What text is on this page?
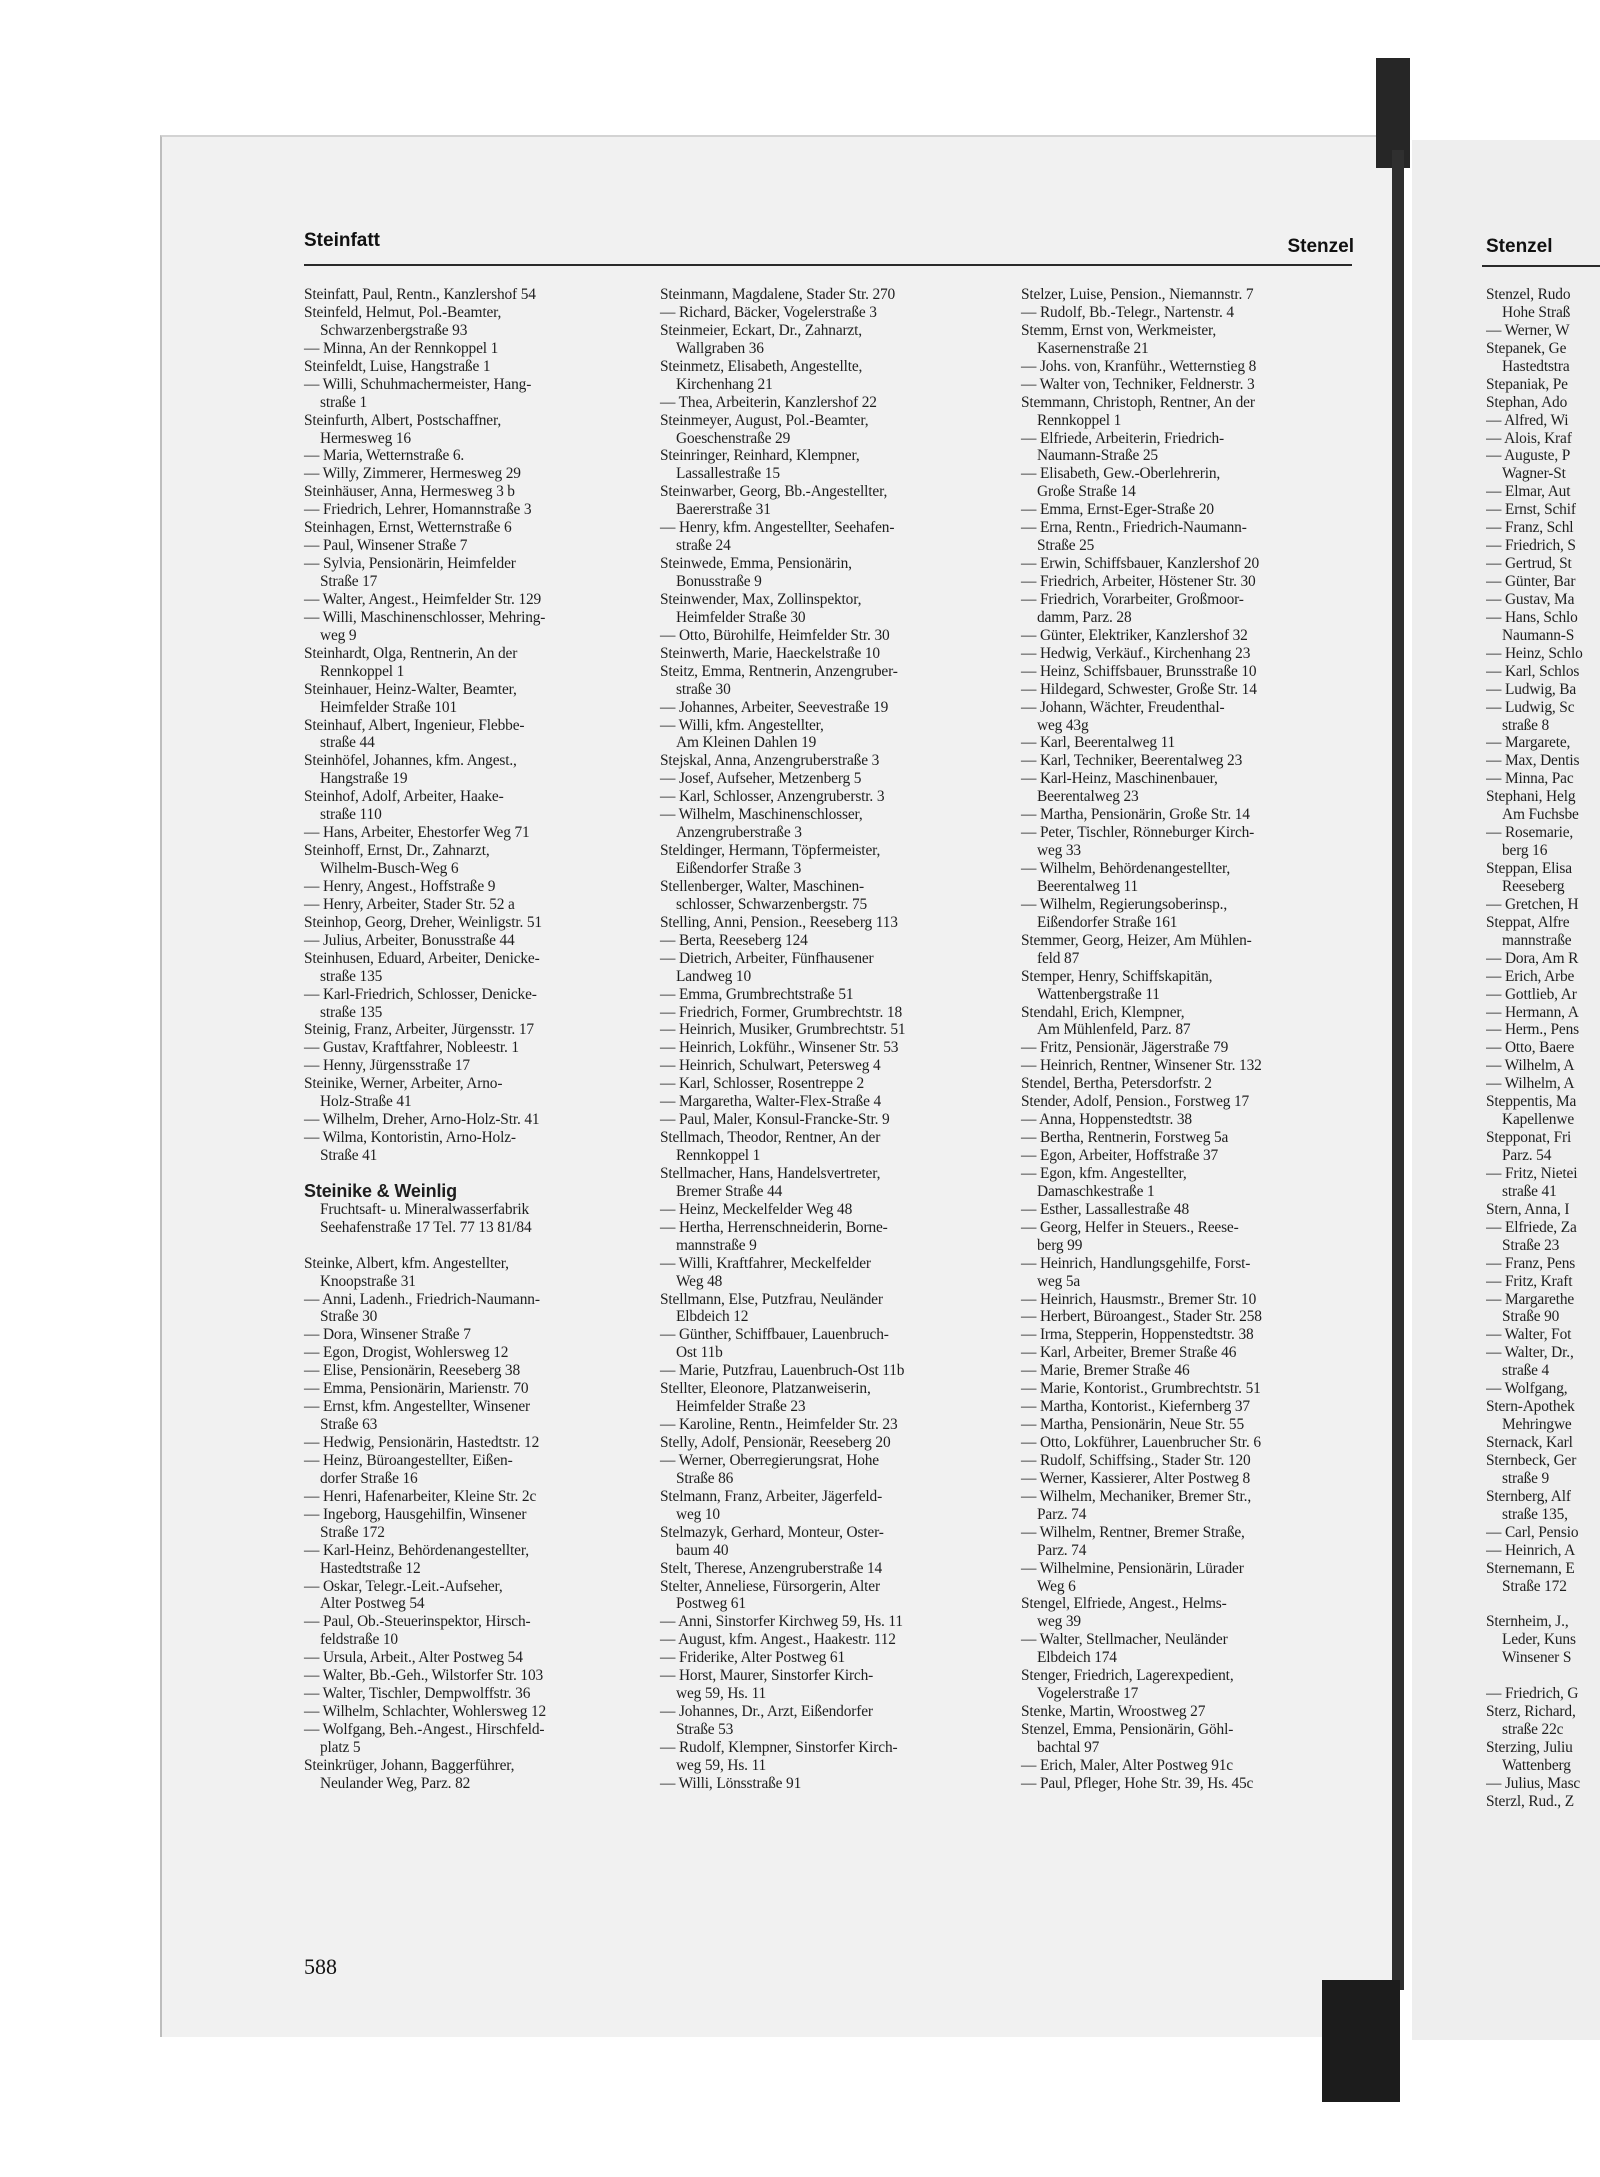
Steinfatt	Stenzel	Stenzel
Steinfatt, Paul, Rentn., Kanzlershof 54
Steinfeld, Helmut, Pol.-Beamter,
Schwarzenbergstraße 93
— Minna, An der Rennkoppel 1
Steinfeldt, Luise, Hangstraße 1
— Willi, Schuhmachermeister, Hang-
straße 1
Steinfurth, Albert, Postschaffner,
Hermesweg 16
— Maria, Wetternstraße 6.
— Willy, Zimmerer, Hermesweg 29
Steinhäuser, Anna, Hermesweg 3 b
— Friedrich, Lehrer, Homannstraße 3
Steinhagen, Ernst, Wetternstraße 6
— Paul, Winsener Straße 7
— Sylvia, Pensionärin, Heimfelder
Straße 17
— Walter, Angest., Heimfelder Str. 129
— Willi, Maschinenschlosser, Mehring-
weg 9
Steinhardt, Olga, Rentnerin, An der
Rennkoppel 1
Steinhauer, Heinz-Walter, Beamter,
Heimfelder Straße 101
Steinhauf, Albert, Ingenieur, Flebbe-
straße 44
Steinhöfel, Johannes, kfm. Angest.,
Hangstraße 19
Steinhof, Adolf, Arbeiter, Haake-
straße 110
— Hans, Arbeiter, Ehestorfer Weg 71
Steinhoff, Ernst, Dr., Zahnarzt,
Wilhelm-Busch-Weg 6
— Henry, Angest., Hoffstraße 9
— Henry, Arbeiter, Stader Str. 52 a
Steinhop, Georg, Dreher, Weinligstr. 51
— Julius, Arbeiter, Bonusstraße 44
Steinhusen, Eduard, Arbeiter, Denicke-
straße 135
— Karl-Friedrich, Schlosser, Denicke-
straße 135
Steinig, Franz, Arbeiter, Jürgensstr. 17
— Gustav, Kraftfahrer, Nobleestr. 1
— Henny, Jürgensstraße 17
Steinike, Werner, Arbeiter, Arno-
Holz-Straße 41
— Wilhelm, Dreher, Arno-Holz-Str. 41
— Wilma, Kontoristin, Arno-Holz-
Straße 41

Steinike & Weinlig
Fruchtsaft- u. Mineralwasserfabrik
Seehafenstraße 17 Tel. 77 13 81/84

Steinke, Albert, kfm. Angestellter,
Knoopstraße 31
— Anni, Ladenh., Friedrich-Naumann-
Straße 30
— Dora, Winsener Straße 7
— Egon, Drogist, Wohlersweg 12
— Elise, Pensionärin, Reeseberg 38
— Emma, Pensionärin, Marienstr. 70
— Ernst, kfm. Angestellter, Winsener
Straße 63
— Hedwig, Pensionärin, Hastedtstr. 12
— Heinz, Büroangestellter, Eißen-
dorfer Straße 16
— Henri, Hafenarbeiter, Kleine Str. 2c
— Ingeborg, Hausgehilfin, Winsener
Straße 172
— Karl-Heinz, Behördenangestellter,
Hastedtstraße 12
— Oskar, Telegr.-Leit.-Aufseher,
Alter Postweg 54
— Paul, Ob.-Steuerinspektor, Hirsch-
feldstraße 10
— Ursula, Arbeit., Alter Postweg 54
— Walter, Bb.-Geh., Wilstorfer Str. 103
— Walter, Tischler, Dempwolffstr. 36
— Wilhelm, Schlachter, Wohlersweg 12
— Wolfgang, Beh.-Angest., Hirschfeld-
platz 5
Steinkrüger, Johann, Baggerführer,
Neulander Weg, Parz. 82
Steinmann, Magdalene, Stader Str. 270
— Richard, Bäcker, Vogelerstraße 3
Steinmeier, Eckart, Dr., Zahnarzt,
Wallgraben 36
Steinmetz, Elisabeth, Angestellte,
Kirchenhang 21
— Thea, Arbeiterin, Kanzlershof 22
Steinmeyer, August, Pol.-Beamter,
Goeschenstraße 29
Steinringer, Reinhard, Klempner,
Lassallestraße 15
Steinwarber, Georg, Bb.-Angestellter,
Baererstraße 31
— Henry, kfm. Angestellter, Seehafen-
straße 24
Steinwede, Emma, Pensionärin,
Bonusstraße 9
Steinwender, Max, Zollinspektor,
Heimfelder Straße 30
— Otto, Bürohilfe, Heimfelder Str. 30
Steinwerth, Marie, Haeckelstraße 10
Steitz, Emma, Rentnerin, Anzengruber-
straße 30
— Johannes, Arbeiter, Seevestraße 19
— Willi, kfm. Angestellter,
Am Kleinen Dahlen 19
Stejskal, Anna, Anzengruberstraße 3
— Josef, Aufseher, Metzenberg 5
— Karl, Schlosser, Anzengruberstr. 3
— Wilhelm, Maschinenschlosser,
Anzengruberstraße 3
Steldinger, Hermann, Töpfermeister,
Eißendorfer Straße 3
Stellenberger, Walter, Maschinen-
schlosser, Schwarzenbergstr. 75
Stelling, Anni, Pension., Reeseberg 113
— Berta, Reeseberg 124
— Dietrich, Arbeiter, Fünfhausener
Landweg 10
— Emma, Grumbrechtstraße 51
— Friedrich, Former, Grumbrechtstr. 18
— Heinrich, Musiker, Grumbrechtstr. 51
— Heinrich, Lokführ., Winsener Str. 53
— Heinrich, Schulwart, Petersweg 4
— Karl, Schlosser, Rosentreppe 2
— Margaretha, Walter-Flex-Straße 4
— Paul, Maler, Konsul-Francke-Str. 9
Stellmach, Theodor, Rentner, An der
Rennkoppel 1
Stellmacher, Hans, Handelsvertreter,
Bremer Straße 44
— Heinz, Meckelfelder Weg 48
— Hertha, Herrenschneiderin, Borne-
mannstraße 9
— Willi, Kraftfahrer, Meckelfelder
Weg 48
Stellmann, Else, Putzfrau, Neuländer
Elbdeich 12
— Günther, Schiffbauer, Lauenbruch-
Ost 11b
— Marie, Putzfrau, Lauenbruch-Ost 11b
Stellter, Eleonore, Platzanweiserin,
Heimfelder Straße 23
— Karoline, Rentn., Heimfelder Str. 23
Stelly, Adolf, Pensionär, Reeseberg 20
— Werner, Oberregierungsrat, Hohe
Straße 86
Stelmann, Franz, Arbeiter, Jägerfeld-
weg 10
Stelmazyk, Gerhard, Monteur, Oster-
baum 40
Stelt, Therese, Anzengruberstraße 14
Stelter, Anneliese, Fürsorgerin, Alter
Postweg 61
— Anni, Sinstorfer Kirchweg 59, Hs. 11
— August, kfm. Angest., Haakestr. 112
— Friderike, Alter Postweg 61
— Horst, Maurer, Sinstorfer Kirch-
weg 59, Hs. 11
— Johannes, Dr., Arzt, Eißendorfer
Straße 53
— Rudolf, Klempner, Sinstorfer Kirch-
weg 59, Hs. 11
— Willi, Lönsstraße 91
Stelzer, Luise, Pension., Niemannstr. 7
— Rudolf, Bb.-Telegr., Nartenstr. 4
Stemm, Ernst von, Werkmeister,
Kasernenstraße 21
— Johs. von, Kranführ., Wetternstieg 8
— Walter von, Techniker, Feldnerstr. 3
Stemmann, Christoph, Rentner, An der
Rennkoppel 1
— Elfriede, Arbeiterin, Friedrich-
Naumann-Straße 25
— Elisabeth, Gew.-Oberlehrerin,
Große Straße 14
— Emma, Ernst-Eger-Straße 20
— Erna, Rentn., Friedrich-Naumann-
Straße 25
— Erwin, Schiffsbauer, Kanzlershof 20
— Friedrich, Arbeiter, Höstener Str. 30
— Friedrich, Vorarbeiter, Großmoor-
damm, Parz. 28
— Günter, Elektriker, Kanzlershof 32
— Hedwig, Verkäuf., Kirchenhang 23
— Heinz, Schiffsbauer, Brunsstraße 10
— Hildegard, Schwester, Große Str. 14
— Johann, Wächter, Freudenthal-
weg 43g
— Karl, Beerentalweg 11
— Karl, Techniker, Beerentalweg 23
— Karl-Heinz, Maschinenbauer,
Beerentalweg 23
— Martha, Pensionärin, Große Str. 14
— Peter, Tischler, Rönneburger Kirch-
weg 33
— Wilhelm, Behördenangestellter,
Beerentalweg 11
— Wilhelm, Regierungsoberinsp.,
Eißendorfer Straße 161
Stemmer, Georg, Heizer, Am Mühlen-
feld 87
Stemper, Henry, Schiffskapitän,
Wattenbergstraße 11
Stendahl, Erich, Klempner,
Am Mühlenfeld, Parz. 87
— Fritz, Pensionär, Jägerstraße 79
— Heinrich, Rentner, Winsener Str. 132
Stendel, Bertha, Petersdorfstr. 2
Stender, Adolf, Pension., Forstweg 17
— Anna, Hoppenstedtstr. 38
— Bertha, Rentnerin, Forstweg 5a
— Egon, Arbeiter, Hoffstraße 37
— Egon, kfm. Angestellter,
Damaschkestraße 1
— Esther, Lassallestraße 48
— Georg, Helfer in Steuers., Reese-
berg 99
— Heinrich, Handlungsgehilfe, Forst-
weg 5a
— Heinrich, Hausmstr., Bremer Str. 10
— Herbert, Büroangest., Stader Str. 258
— Irma, Stepperin, Hoppenstedtstr. 38
— Karl, Arbeiter, Bremer Straße 46
— Marie, Bremer Straße 46
— Marie, Kontorist., Grumbrechtstr. 51
— Martha, Kontorist., Kiefernberg 37
— Martha, Pensionärin, Neue Str. 55
— Otto, Lokführer, Lauenbrucher Str. 6
— Rudolf, Schiffsing., Stader Str. 120
— Werner, Kassierer, Alter Postweg 8
— Wilhelm, Mechaniker, Bremer Str.,
Parz. 74
— Wilhelm, Rentner, Bremer Straße,
Parz. 74
— Wilhelmine, Pensionärin, Lürader
Weg 6
Stengel, Elfriede, Angest., Helms-
weg 39
— Walter, Stellmacher, Neuländer
Elbdeich 174
Stenger, Friedrich, Lagerexpedient,
Vogelerstraße 17
Stenke, Martin, Wroostweg 27
Stenzel, Emma, Pensionärin, Göhl-
bachtal 97
— Erich, Maler, Alter Postweg 91c
— Paul, Pfleger, Hohe Str. 39, Hs. 45c
Stenzel, Rudo
Hohe Straß
— Werner, W
Stepanek, Ge
Hastedtstra
Stepaniak, Pe
Stephan, Ado
— Alfred, Wi
— Alois, Kraf
— Auguste, P
Wagner-St
— Elmar, Aut
— Ernst, Schif
— Franz, Schl
— Friedrich, S
— Gertrud, St
— Günter, Bar
— Gustav, Ma
— Hans, Schlo
Naumann-S
— Heinz, Schlo
— Karl, Schlos
— Ludwig, Ba
— Ludwig, Sc
straße 8
— Margarete,
— Max, Dentis
— Minna, Pac
Stephani, Helg
Am Fuchsbe
— Rosemarie,
berg 16
Steppan, Elisa
Reeseberg
— Gretchen, H
Steppat, Alfre
mannstraße
— Dora, Am R
— Erich, Arbe
— Gottlieb, Ar
— Hermann, A
— Herm., Pens
— Otto, Baere
— Wilhelm, A
— Wilhelm, A
Steppentis, Ma
Kapellenwe
Stepponat, Fri
Parz. 54
— Fritz, Nietei
straße 41
Stern, Anna, I
— Elfriede, Za
Straße 23
— Franz, Pens
— Fritz, Kraft
— Margarethe
Straße 90
— Walter, Fot
— Walter, Dr.,
straße 4
— Wolfgang,
Stern-Apothek
Mehringwe
Sternack, Karl
Sternbeck, Ger
straße 9
Sternberg, Alf
straße 135,
— Carl, Pensio
— Heinrich, A
Sternemann, E
Straße 172

Sternheim, J.,
Leder, Kuns
Winsener S

— Friedrich, G
Sterz, Richard,
straße 22c
Sterzing, Juliu
Wattenberg
— Julius, Masc
Sterzl, Rud., Z
588
